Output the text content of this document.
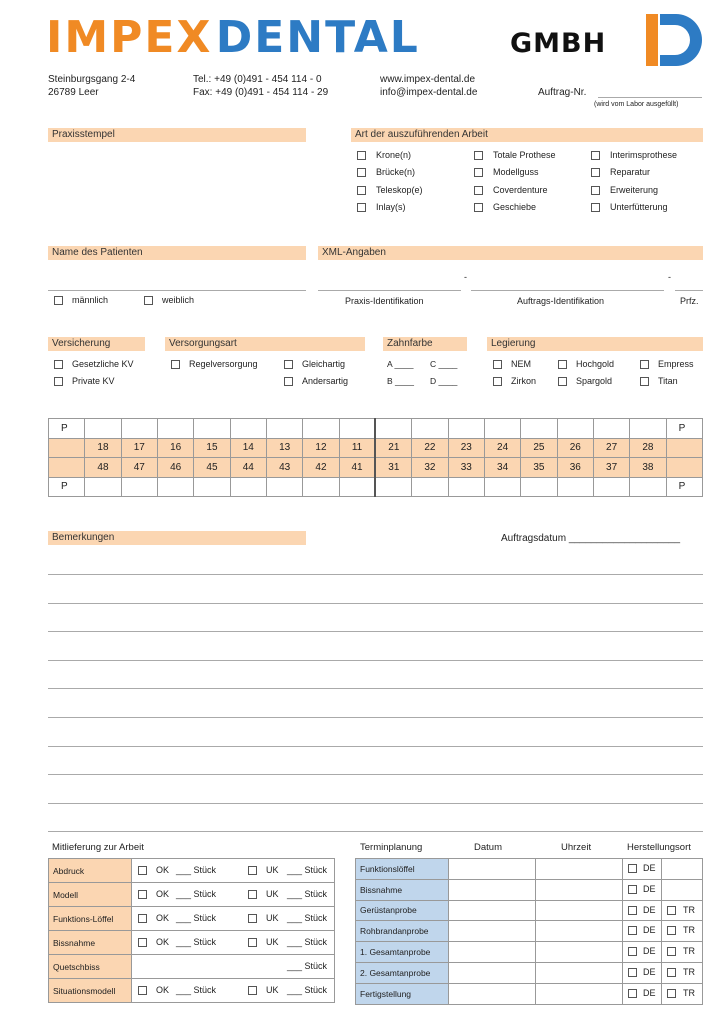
IMPEX DENTAL	GMBH
Steinburgsgang 2-4
26789 Leer
Tel.: +49 (0)491 - 454 114 - 0
Fax: +49 (0)491 - 454 114 - 29
www.impex-dental.de
info@impex-dental.de	Auftrag-Nr.
(wird vom Labor ausgefüllt)
Praxisstempel	Art der auszuführenden Arbeit
Krone(n)	Totale Prothese	Interimsprothese
Brücke(n)	Modellguss	Reparatur
Teleskop(e)	Coverdenture	Erweiterung
Inlay(s)	Geschiebe	Unterfütterung
Name des Patienten
männlich	weiblich
XML-Angaben
-	-
Praxis-Identifikation	Auftrags-Identifikation	Prfz.
Versicherung	Versorgungsart	Zahnfarbe	Legierung
Gesetzliche KV
Private KV
Regelversorgung	Gleichartig
Andersartig
A ____ C ____
B ____ D ____
NEM	Hochgold	Empress
Zirkon	Spargold	Titan
P																	P
	18	17	16	15	14	13	12	11	21	22	23	24	25	26	27	28	
	48	47	46	45	44	43	42	41	31	32	33	34	35	36	37	38	
P																	P
Bemerkungen	Auftragsdatum ____________________
Mitlieferung zur Arbeit
Abdruck	OK ___ Stück UK ___ Stück

Modell	OK ___ Stück UK ___ Stück

Funktions-Löffel	OK ___ Stück UK ___ Stück

Bissnahme	OK ___ Stück UK ___ Stück

Quetschbiss	___ Stück

Situationsmodell	OK ___ Stück UK ___ Stück
Terminplanung	Datum	Uhrzeit	Herstellungsort
Funktionslöffel			DE	

Bissnahme			DE	

Gerüstanprobe			DE	TR

Rohbrandanprobe			DE	TR

1. Gesamtanprobe			DE	TR

2. Gesamtanprobe			DE	TR

Fertigstellung			DE	TR
